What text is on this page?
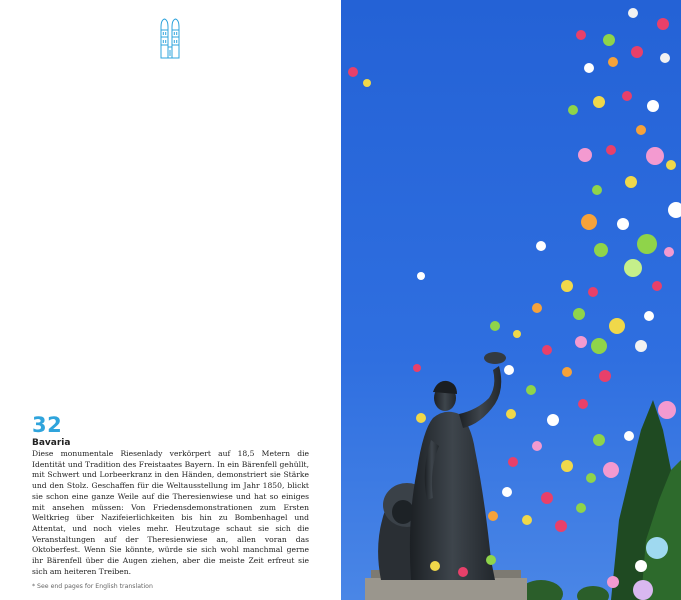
32
Bavaria

Diese monumentale Riesenlady verkörpert auf 18,5 Metern die Identität und Tradition des Freistaates Bayern. In ein Bärenfell gehüllt, mit Schwert und Lorbeerkranz in den Händen, demonstriert sie Stärke und den Stolz. Geschaffen für die Weltausstellung im Jahr 1850, blickt sie schon eine ganze Weile auf die Theresienwiese und hat so einiges mit ansehen müssen: Von Friedensdemonstrationen zum Ersten Weltkrieg über Nazifeierlichkeiten bis hin zu Bombenhagel und Attentat, und noch vieles mehr. Heutzutage schaut sie sich die Veranstaltungen auf der Theresienwiese an, allen voran das Oktoberfest. Wenn Sie könnte, würde sie sich wohl manchmal gerne ihr Bärenfell über die Augen ziehen, aber die meiste Zeit erfreut sie sich am heiteren Treiben.

* See end pages for English translation
